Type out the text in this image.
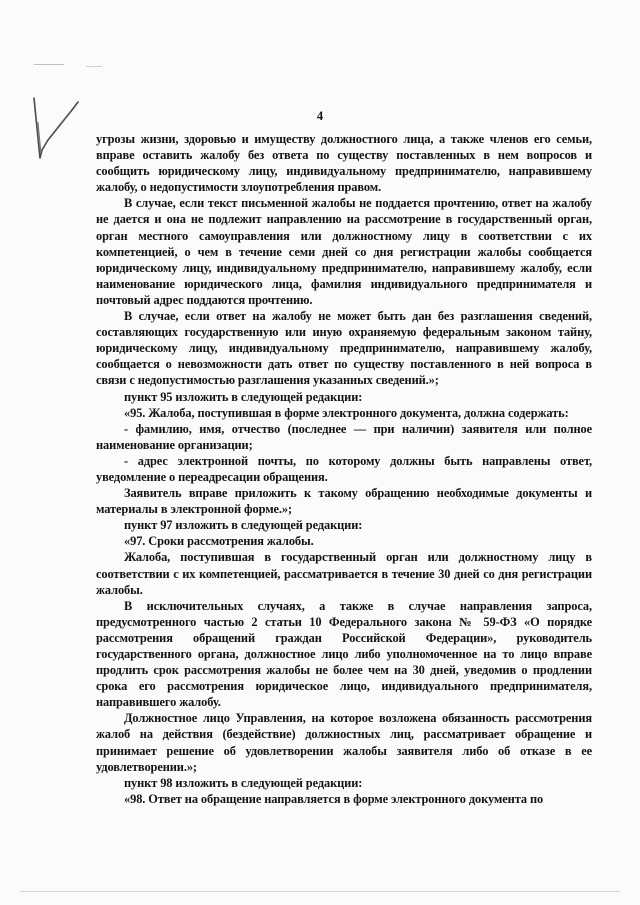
4

угрозы жизни, здоровью и имуществу должностного лица, а также членов его семьи, вправе оставить жалобу без ответа по существу поставленных в нем вопросов и сообщить юридическому лицу, индивидуальному предпринимателю, направившему жалобу, о недопустимости злоупотребления правом.

В случае, если текст письменной жалобы не поддается прочтению, ответ на жалобу не дается и она не подлежит направлению на рассмотрение в государственный орган, орган местного самоуправления или должностному лицу в соответствии с их компетенцией, о чем в течение семи дней со дня регистрации жалобы сообщается юридическому лицу, индивидуальному предпринимателю, направившему жалобу, если наименование юридического лица, фамилия индивидуального предпринимателя и почтовый адрес поддаются прочтению.

В случае, если ответ на жалобу не может быть дан без разглашения сведений, составляющих государственную или иную охраняемую федеральным законом тайну, юридическому лицу, индивидуальному предпринимателю, направившему жалобу, сообщается о невозможности дать ответ по существу поставленного в ней вопроса в связи с недопустимостью разглашения указанных сведений.»;

пункт 95 изложить в следующей редакции:

«95. Жалоба, поступившая в форме электронного документа, должна содержать:

- фамилию, имя, отчество (последнее — при наличии) заявителя или полное наименование организации;

- адрес электронной почты, по которому должны быть направлены ответ, уведомление о переадресации обращения.

Заявитель вправе приложить к такому обращению необходимые документы и материалы в электронной форме.»;

пункт 97 изложить в следующей редакции:

«97. Сроки рассмотрения жалобы.

Жалоба, поступившая в государственный орган или должностному лицу в соответствии с их компетенцией, рассматривается в течение 30 дней со дня регистрации жалобы.

В исключительных случаях, а также в случае направления запроса, предусмотренного частью 2 статьи 10 Федерального закона № 59-ФЗ «О порядке рассмотрения обращений граждан Российской Федерации», руководитель государственного органа, должностное лицо либо уполномоченное на то лицо вправе продлить срок рассмотрения жалобы не более чем на 30 дней, уведомив о продлении срока его рассмотрения юридическое лицо, индивидуального предпринимателя, направившего жалобу.

Должностное лицо Управления, на которое возложена обязанность рассмотрения жалоб на действия (бездействие) должностных лиц, рассматривает обращение и принимает решение об удовлетворении жалобы заявителя либо об отказе в ее удовлетворении.»;

пункт 98 изложить в следующей редакции:

«98. Ответ на обращение направляется в форме электронного документа по
